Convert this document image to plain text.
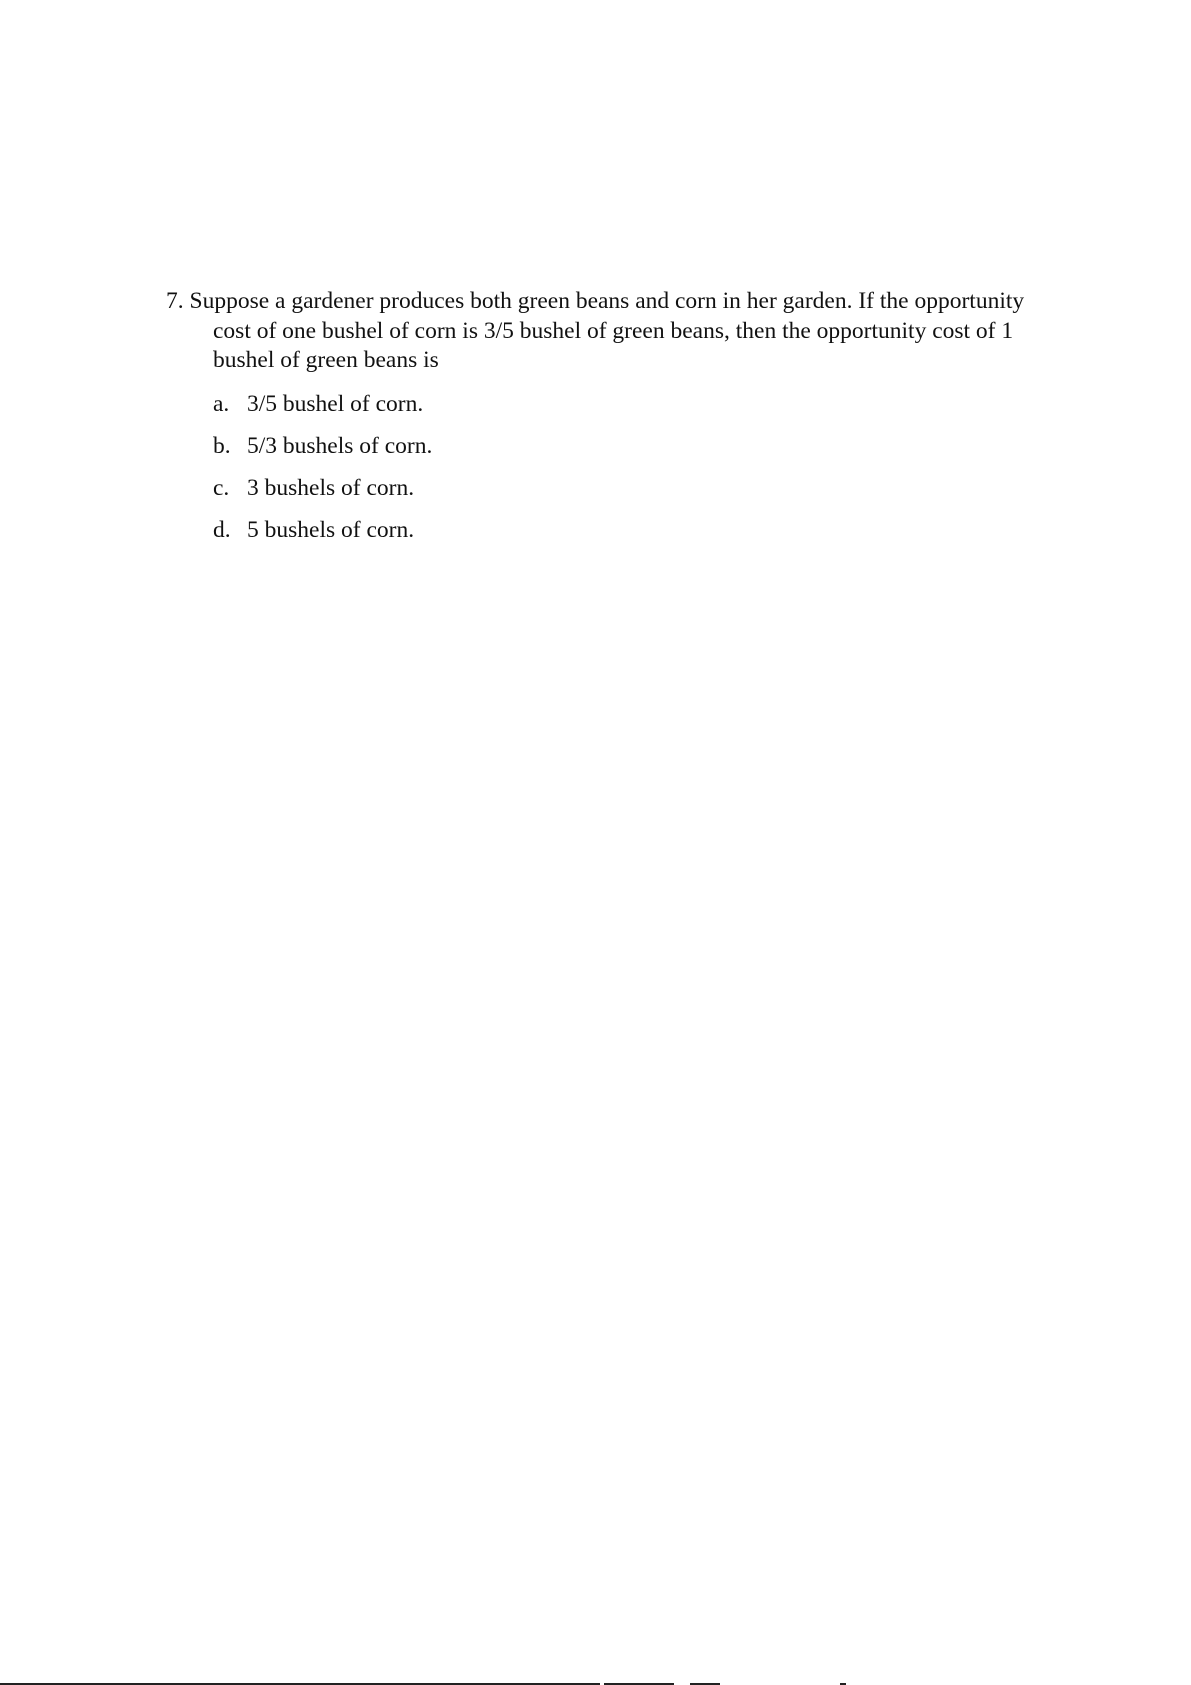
7. Suppose a gardener produces both green beans and corn in her garden. If the opportunity cost of one bushel of corn is 3/5 bushel of green beans, then the opportunity cost of 1 bushel of green beans is

a. 3/5 bushel of corn.
b. 5/3 bushels of corn.
c. 3 bushels of corn.
d. 5 bushels of corn.
